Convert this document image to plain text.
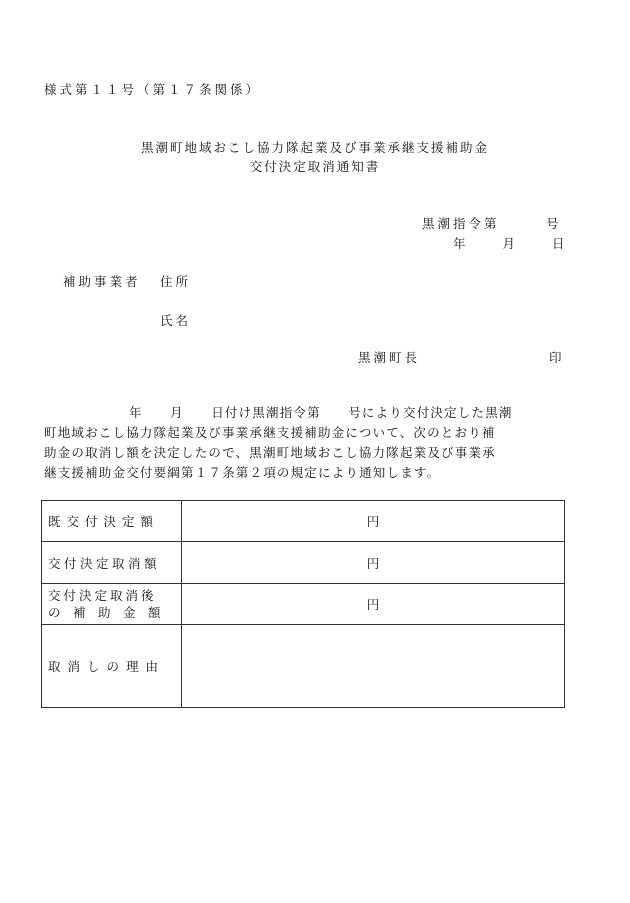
様式第１１号（第１７条関係）
黒潮町地域おこし協力隊起業及び事業承継支援補助金
交付決定取消通知書
黒潮指令第　　　号
年　　月　　日
補助事業者 住所
氏名
黒潮町長	印

年　　月　　日付け黒潮指令第　　号により交付決定した黒潮

町地域おこし協力隊起業及び事業承継支援補助金について、次のとおり補

助金の取消し額を決定したので、黒潮町地域おこし協力隊起業及び事業承

継支援補助金交付要綱第１７条第２項の規定により通知します。

既交付決定額	円
交付決定取消額	円

交付決定取消後
の　補　助　金　額	円
取消しの理由	
